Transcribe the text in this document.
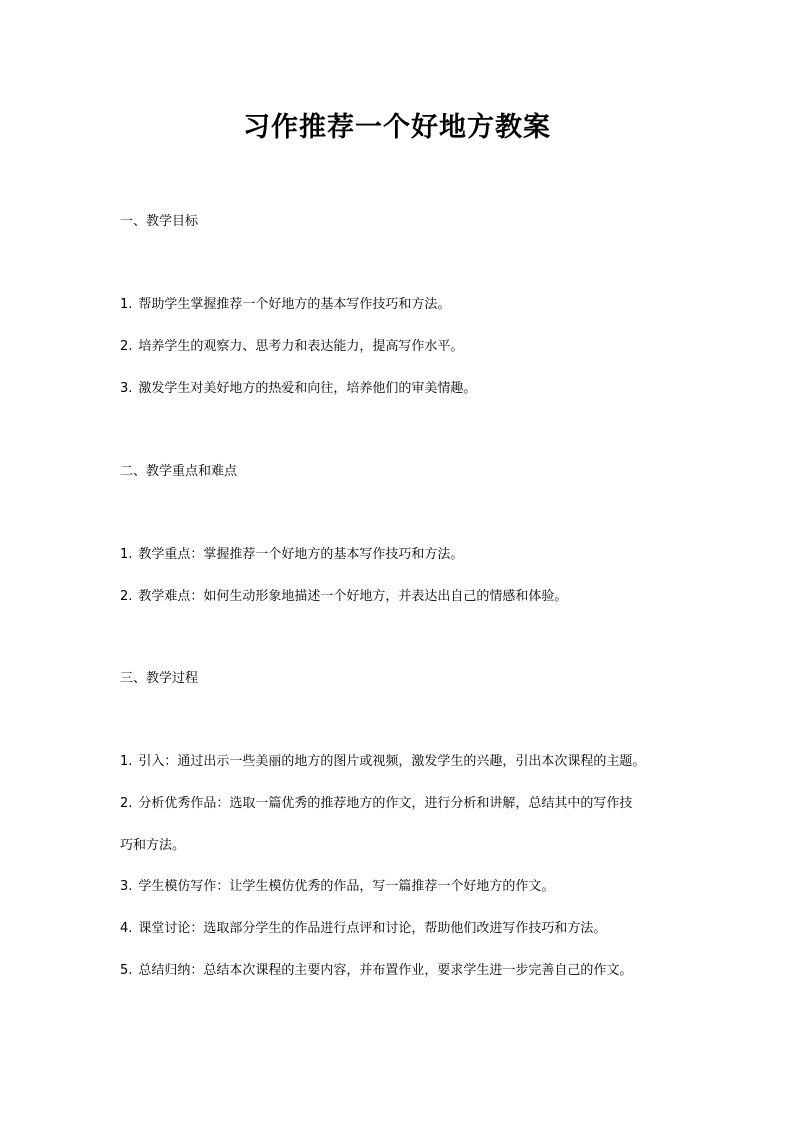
习作推荐一个好地方教案
一、教学目标
1. 帮助学生掌握推荐一个好地方的基本写作技巧和方法。
2. 培养学生的观察力、思考力和表达能力，提高写作水平。
3. 激发学生对美好地方的热爱和向往，培养他们的审美情趣。
二、教学重点和难点
1. 教学重点：掌握推荐一个好地方的基本写作技巧和方法。
2. 教学难点：如何生动形象地描述一个好地方，并表达出自己的情感和体验。
三、教学过程
1. 引入：通过出示一些美丽的地方的图片或视频，激发学生的兴趣，引出本次课程的主题。
2. 分析优秀作品：选取一篇优秀的推荐地方的作文，进行分析和讲解，总结其中的写作技
巧和方法。
3. 学生模仿写作：让学生模仿优秀的作品，写一篇推荐一个好地方的作文。
4. 课堂讨论：选取部分学生的作品进行点评和讨论，帮助他们改进写作技巧和方法。
5. 总结归纳：总结本次课程的主要内容，并布置作业，要求学生进一步完善自己的作文。
